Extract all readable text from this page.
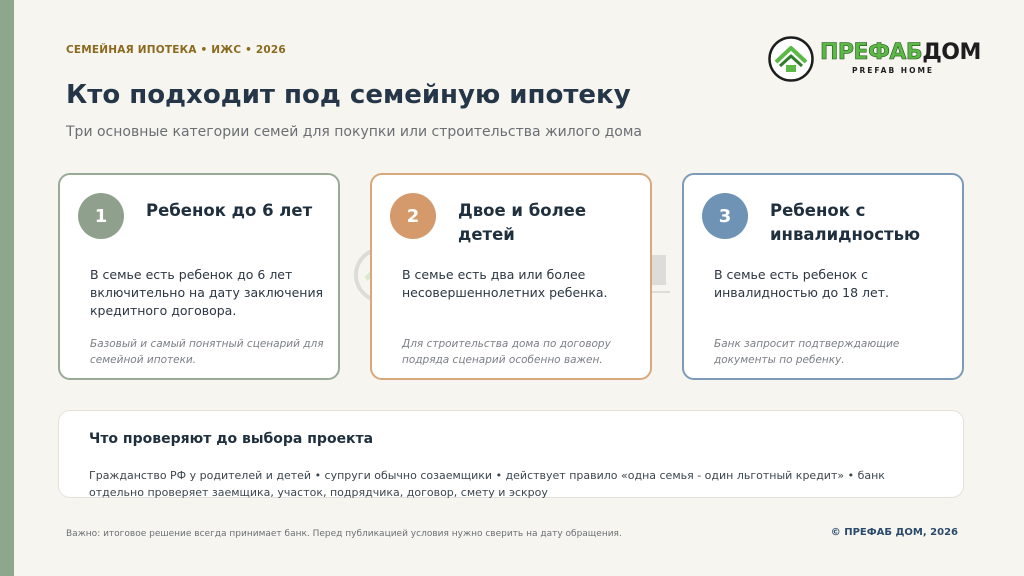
СЕМЕЙНАЯ ИПОТЕКА • ИЖС • 2026
Кто подходит под семейную ипотеку
Три основные категории семей для покупки или строительства жилого дома
ПРЕФАБДОМ
PREFAB HOME
1	Ребенок до 6 лет
В семье есть ребенок до 6 лет включительно на дату заключения кредитного договора.
Базовый и самый понятный сценарий для семейной ипотеки.
2	Двое и более детей
В семье есть два или более несовершеннолетних ребенка.
Для строительства дома по договору подряда сценарий особенно важен.
3	Ребенок с инвалидностью
В семье есть ребенок с инвалидностью до 18 лет.
Банк запросит подтверждающие документы по ребенку.
Что проверяют до выбора проекта
Гражданство РФ у родителей и детей • супруги обычно созаемщики • действует правило «одна семья - один льготный кредит» • банк отдельно проверяет заемщика, участок, подрядчика, договор, смету и эскроу
Важно: итоговое решение всегда принимает банк. Перед публикацией условия нужно сверить на дату обращения.	© ПРЕФАБ ДОМ, 2026
